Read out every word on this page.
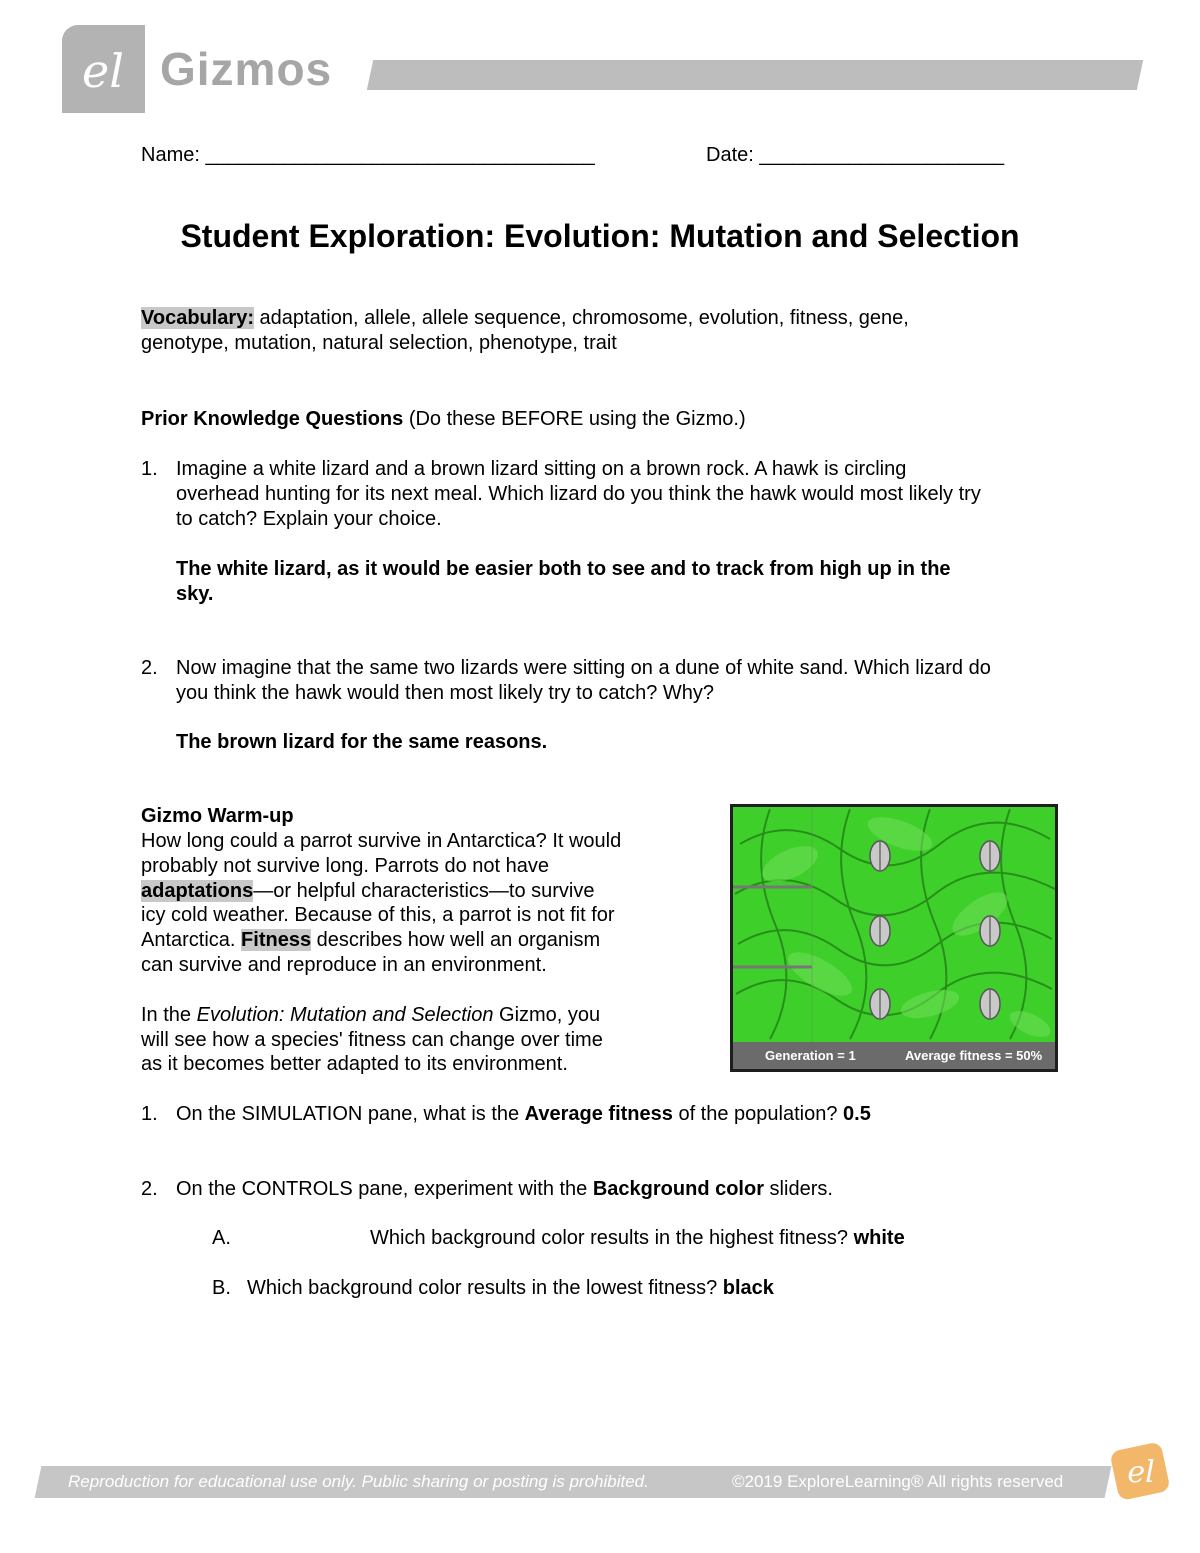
el Gizmos
Name: ___________________________________	Date: ______________________
Student Exploration: Evolution: Mutation and Selection
Vocabulary: adaptation, allele, allele sequence, chromosome, evolution, fitness, gene,
genotype, mutation, natural selection, phenotype, trait
Prior Knowledge Questions (Do these BEFORE using the Gizmo.)
1. Imagine a white lizard and a brown lizard sitting on a brown rock. A hawk is circling
overhead hunting for its next meal. Which lizard do you think the hawk would most likely try
to catch? Explain your choice.
The white lizard, as it would be easier both to see and to track from high up in the
sky.
2. Now imagine that the same two lizards were sitting on a dune of white sand. Which lizard do
you think the hawk would then most likely try to catch? Why?
The brown lizard for the same reasons.
Gizmo Warm-up
How long could a parrot survive in Antarctica? It would
probably not survive long. Parrots do not have
adaptations—or helpful characteristics—to survive
icy cold weather. Because of this, a parrot is not fit for
Antarctica. Fitness describes how well an organism
can survive and reproduce in an environment.
In the Evolution: Mutation and Selection Gizmo, you
will see how a species' fitness can change over time
as it becomes better adapted to its environment.	Generation = 1	Average fitness = 50%
1. On the SIMULATION pane, what is the Average fitness of the population? 0.5
2. On the CONTROLS pane, experiment with the Background color sliders.
A.	Which background color results in the highest fitness? white
B. Which background color results in the lowest fitness? black
Reproduction for educational use only. Public sharing or posting is prohibited.	©2019 ExploreLearning® All rights reserved el
